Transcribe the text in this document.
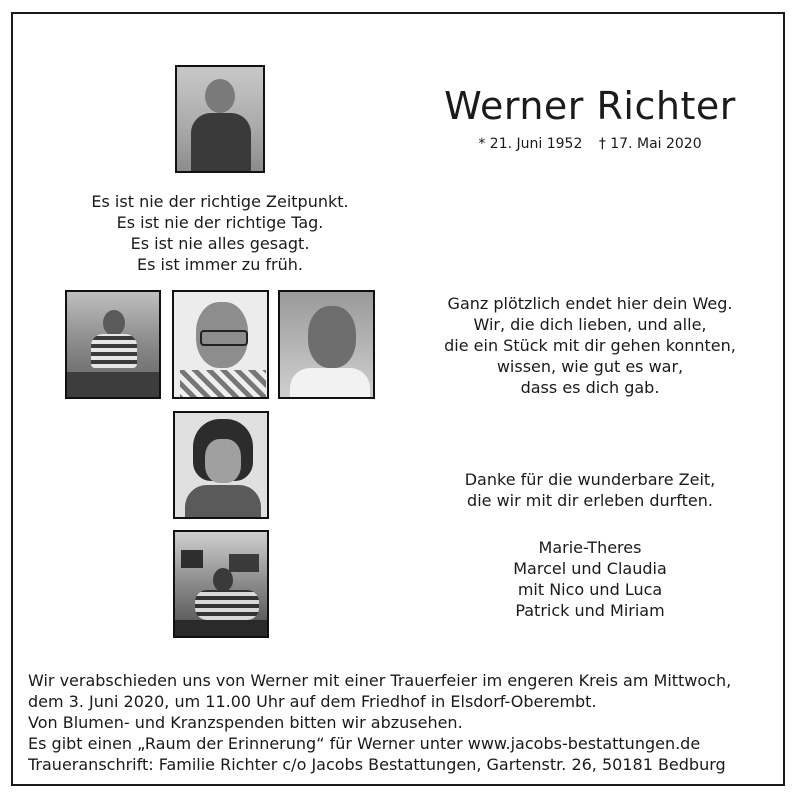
Werner Richter
* 21. Juni 1952 † 17. Mai 2020
Es ist nie der richtige Zeitpunkt.
Es ist nie der richtige Tag.
Es ist nie alles gesagt.
Es ist immer zu früh.
Ganz plötzlich endet hier dein Weg.
Wir, die dich lieben, und alle,
die ein Stück mit dir gehen konnten,
wissen, wie gut es war,
dass es dich gab.
Danke für die wunderbare Zeit,
die wir mit dir erleben durften.
Marie-Theres
Marcel und Claudia
mit Nico und Luca
Patrick und Miriam
Wir verabschieden uns von Werner mit einer Trauerfeier im engeren Kreis am Mittwoch,
dem 3. Juni 2020, um 11.00 Uhr auf dem Friedhof in Elsdorf-Oberembt.
Von Blumen- und Kranzspenden bitten wir abzusehen.
Es gibt einen „Raum der Erinnerung“ für Werner unter www.jacobs-bestattungen.de
Traueranschrift: Familie Richter c/o Jacobs Bestattungen, Gartenstr. 26, 50181 Bedburg
